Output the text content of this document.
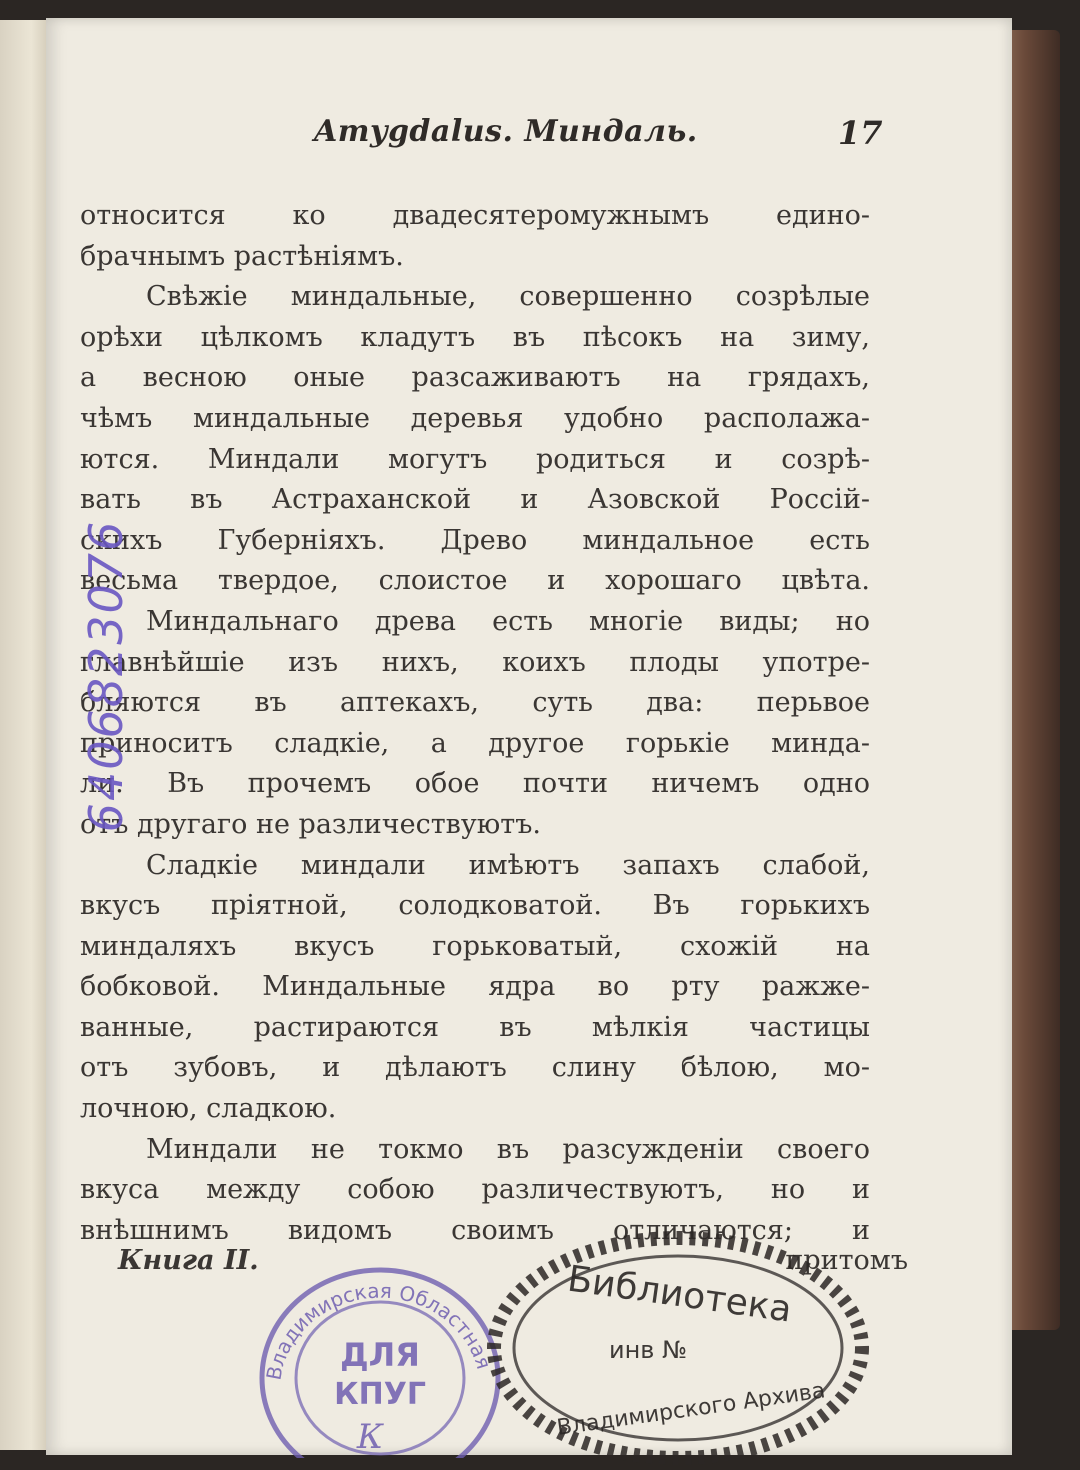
Amygdalus. Миндаль.	17
относится ко двадесятеромужнымъ едино-
брачнымъ растѣнiямъ.
Свѣжiе миндальные, совершенно созрѣлые
орѣхи цѣлкомъ кладутъ въ пѣсокъ на зиму,
а весною оные разсаживаютъ на грядахъ,
чѣмъ миндальные деревья удобно располажа-
ются. Миндали могутъ родиться и созрѣ-
вать въ Астраханской и Азовской Россiй-
скихъ Губернiяхъ. Древо миндальное есть
весьма твердое, слоистое и хорошаго цвѣта.
Миндальнаго древа есть многiе виды; но
главнѣйшiе изъ нихъ, коихъ плоды употре-
бляются въ аптекахъ, суть два: перьвое
приноситъ сладкiе, а другое горькiе минда-
ли. Въ прочемъ обое почти ничемъ одно
отъ другаго не различествуютъ.
Сладкiе миндали имѣютъ запахъ слабой,
вкусъ прiятной, солодковатой. Въ горькихъ
миндаляхъ вкусъ горьковатый, схожiй на
бобковой. Миндальные ядра во рту ражже-
ванные, растираются въ мѣлкiя частицы
отъ зубовъ, и дѣлаютъ слину бѣлою, мо-
лочною, сладкою.
Миндали не токмо въ разсужденiи своего
вкуса между собою различествуютъ, но и
внѣшнимъ видомъ своимъ отличаются; и
Книга II.	притомъ
6406823076
Владимирская Областная
ДЛЯ
КПУГ
К
Библиотека
инв №
Владимирского Архива
